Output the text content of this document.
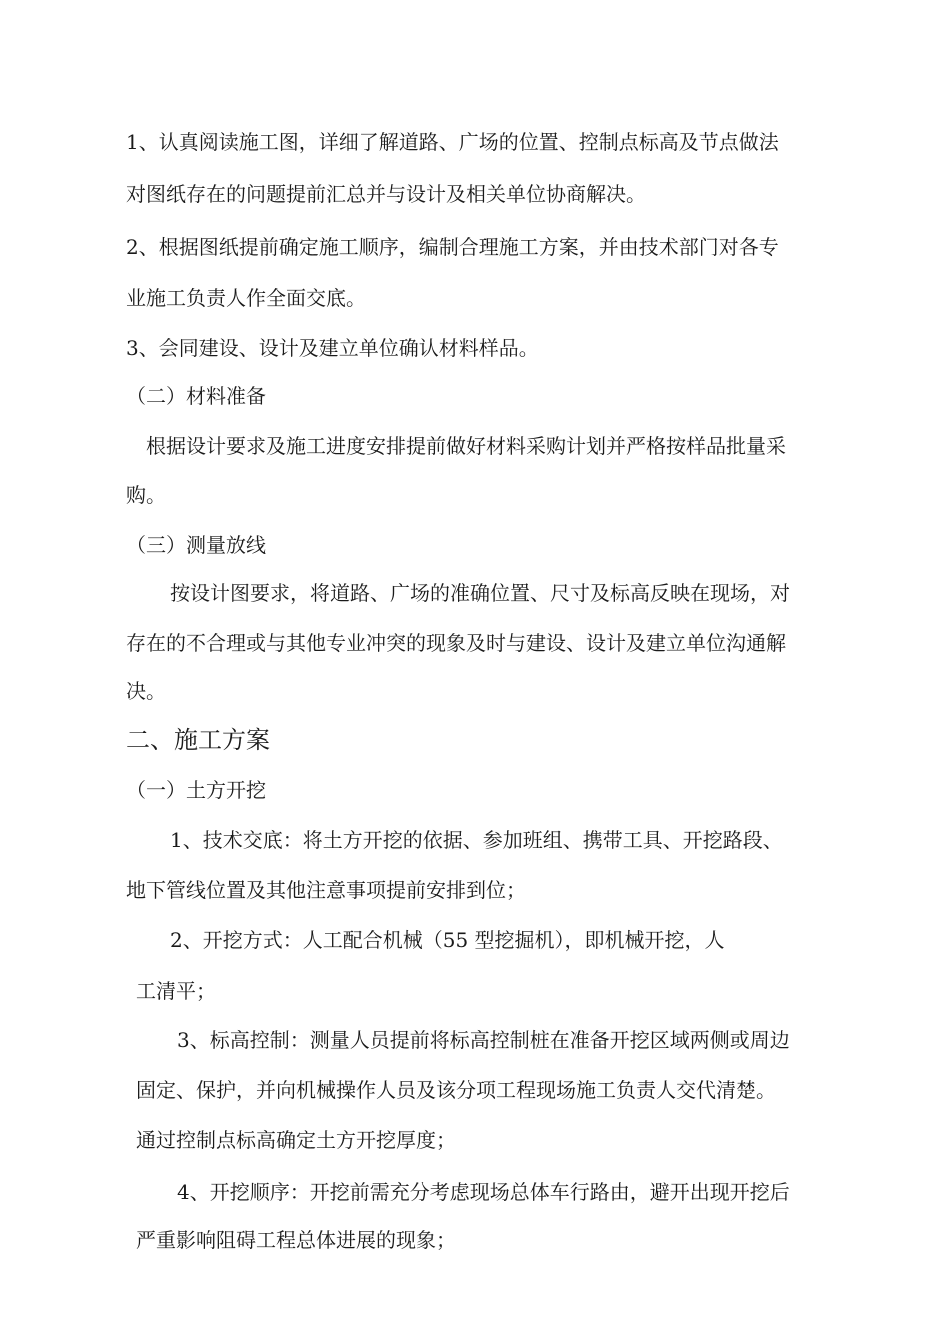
1、认真阅读施工图，详细了解道路、广场的位置、控制点标高及节点做法

对图纸存在的问题提前汇总并与设计及相关单位协商解决。

2、根据图纸提前确定施工顺序，编制合理施工方案，并由技术部门对各专

业施工负责人作全面交底。

3、会同建设、设计及建立单位确认材料样品。

（二）材料准备

根据设计要求及施工进度安排提前做好材料采购计划并严格按样品批量采

购。

（三）测量放线

按设计图要求，将道路、广场的准确位置、尺寸及标高反映在现场，对

存在的不合理或与其他专业冲突的现象及时与建设、设计及建立单位沟通解

决。

二、施工方案

（一）土方开挖

1、技术交底：将土方开挖的依据、参加班组、携带工具、开挖路段、

地下管线位置及其他注意事项提前安排到位；

2、开挖方式：人工配合机械（55 型挖掘机），即机械开挖，人

工清平；

3、标高控制：测量人员提前将标高控制桩在准备开挖区域两侧或周边

固定、保护，并向机械操作人员及该分项工程现场施工负责人交代清楚。

通过控制点标高确定土方开挖厚度；

4、开挖顺序：开挖前需充分考虑现场总体车行路由，避开出现开挖后

严重影响阻碍工程总体进展的现象；
